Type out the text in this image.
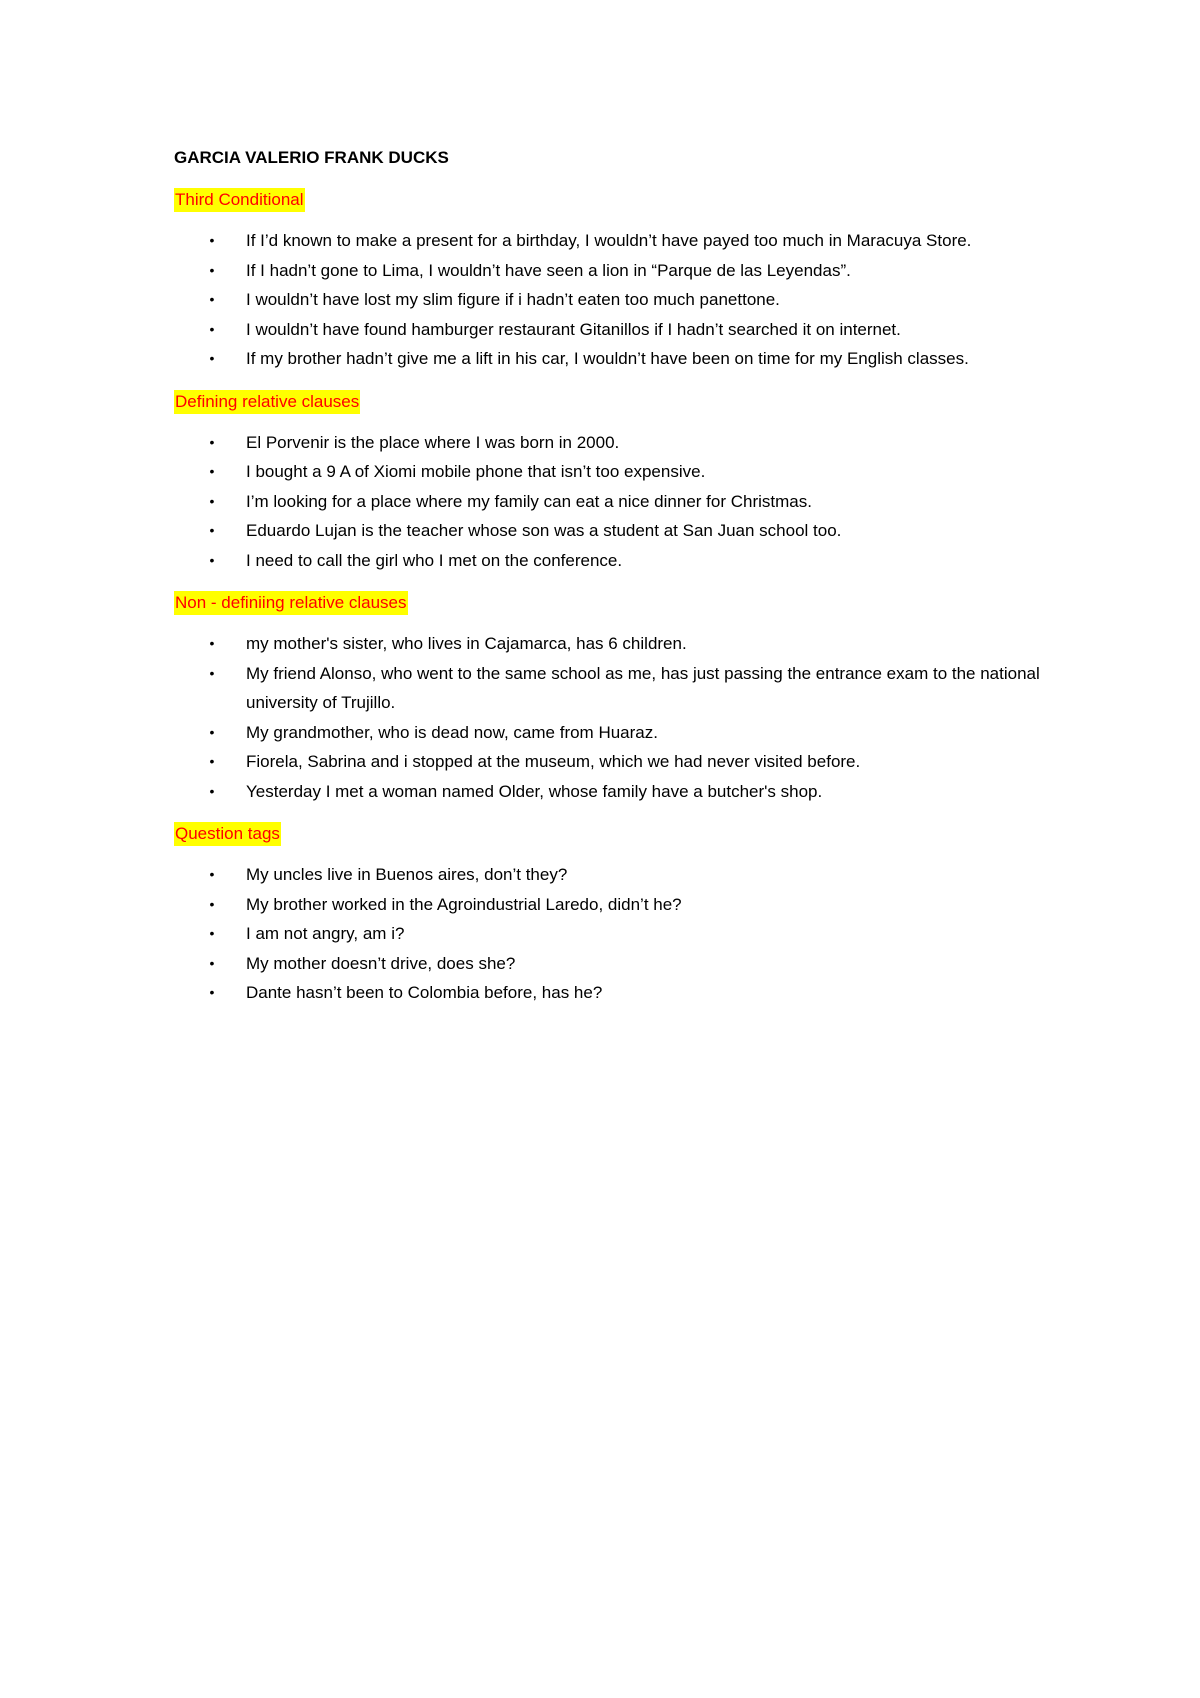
GARCIA VALERIO FRANK DUCKS
Third Conditional
• If I’d known to make a present for a birthday, I wouldn’t have payed too much in Maracuya Store.
• If I hadn’t gone to Lima, I wouldn’t have seen a lion in “Parque de las Leyendas”.
• I wouldn’t have lost my slim figure if i hadn’t eaten too much panettone.
• I wouldn’t have found hamburger restaurant Gitanillos if I hadn’t searched it on internet.
• If my brother hadn’t give me a lift in his car, I wouldn’t have been on time for my English classes.
Defining relative clauses
• El Porvenir is the place where I was born in 2000.
• I bought a 9 A of Xiomi mobile phone that isn’t too expensive.
• I’m looking for a place where my family can eat a nice dinner for Christmas.
• Eduardo Lujan is the teacher whose son was a student at San Juan school too.
• I need to call the girl who I met on the conference.
Non - definiing relative clauses
• my mother's sister, who lives in Cajamarca, has 6 children.
• My friend Alonso, who went to the same school as me, has just passing the entrance exam to the national university of Trujillo.
• My grandmother, who is dead now, came from Huaraz.
• Fiorela, Sabrina and i stopped at the museum, which we had never visited before.
• Yesterday I met a woman named Older, whose family have a butcher's shop.
Question tags
• My uncles live in Buenos aires, don’t they?
• My brother worked in the Agroindustrial Laredo, didn’t he?
• I am not angry, am i?
• My mother doesn’t drive, does she?
• Dante hasn’t been to Colombia before, has he?
